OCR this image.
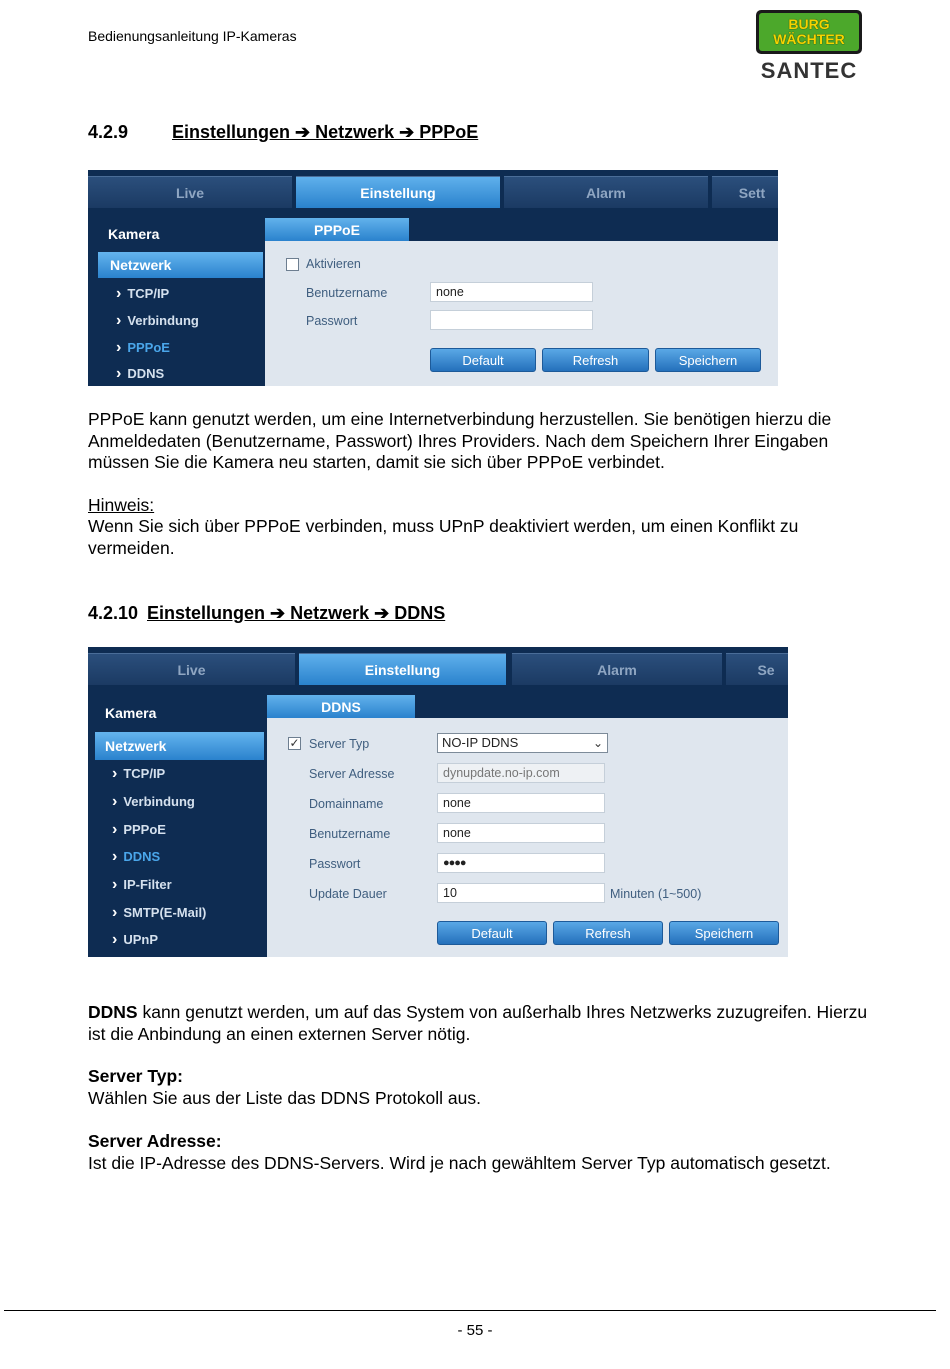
Bedienungsanleitung IP-Kameras
BURG
WÄCHTER
SANTEC
4.2.9	Einstellungen ➔ Netzwerk ➔ PPPoE
Live	Einstellung	Alarm	Sett
Kamera
Netzwerk
› TCP/IP
› Verbindung
› PPPoE
› DDNS
PPPoE
Aktivieren
Benutzername	none
Passwort
Default	Refresh	Speichern
PPPoE kann genutzt werden, um eine Internetverbindung herzustellen. Sie benötigen hierzu die Anmeldedaten (Benutzername, Passwort) Ihres Providers. Nach dem Speichern Ihrer Eingaben müssen Sie die Kamera neu starten, damit sie sich über PPPoE verbindet.
Hinweis:
Wenn Sie sich über PPPoE verbinden, muss UPnP deaktiviert werden, um einen Konflikt zu vermeiden.
4.2.10 Einstellungen ➔ Netzwerk ➔ DDNS
Live	Einstellung	Alarm	Se
Kamera
Netzwerk
› TCP/IP
› Verbindung
› PPPoE
› DDNS
› IP-Filter
› SMTP(E-Mail)
› UPnP
DDNS
✓ Server Typ	NO-IP DDNS	⌄
Server Adresse	dynupdate.no-ip.com
Domainname	none
Benutzername	none
Passwort	●●●●
Update Dauer	10	Minuten (1~500)
Default	Refresh	Speichern
DDNS kann genutzt werden, um auf das System von außerhalb Ihres Netzwerks zuzugreifen. Hierzu ist die Anbindung an einen externen Server nötig.
Server Typ:
Wählen Sie aus der Liste das DDNS Protokoll aus.
Server Adresse:
Ist die IP-Adresse des DDNS-Servers. Wird je nach gewähltem Server Typ automatisch gesetzt.
- 55 -
